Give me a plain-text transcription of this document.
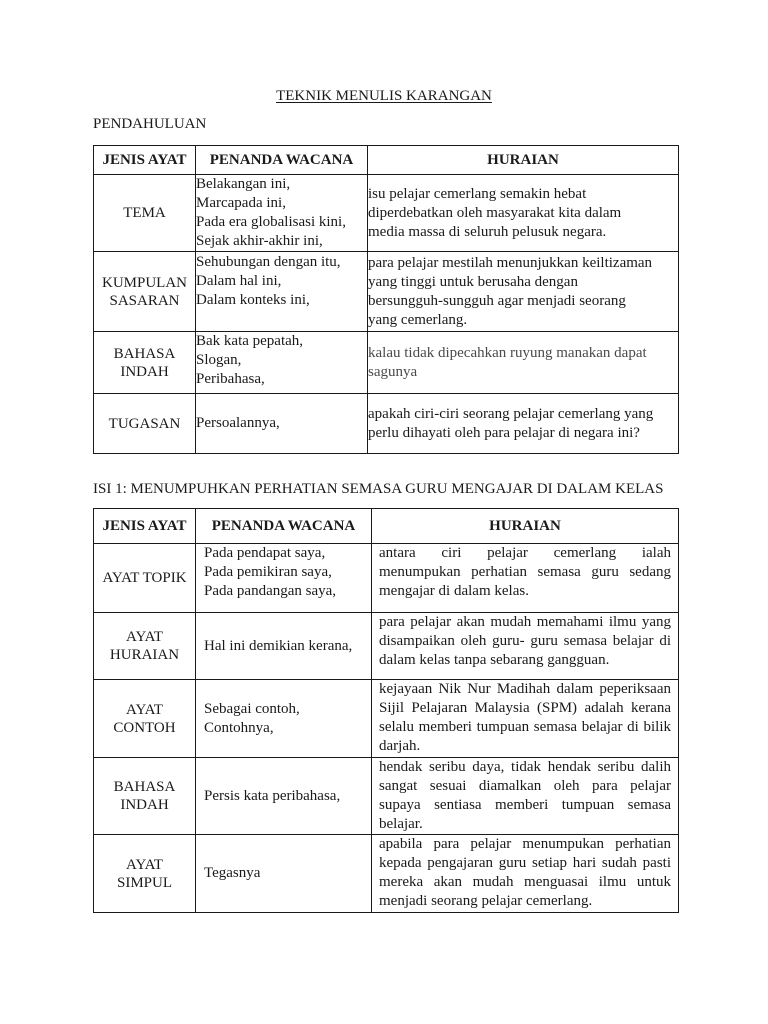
TEKNIK MENULIS KARANGAN
PENDAHULUAN
JENIS AYAT	PENANDA WACANA	HURAIAN

TEMA	Belakangan ini,
Marcapada ini,
Pada era globalisasi kini,
Sejak akhir-akhir ini,	isu pelajar cemerlang semakin hebat
diperdebatkan oleh masyarakat kita dalam
media massa di seluruh pelusuk negara.

KUMPULAN
SASARAN	Sehubungan dengan itu,
Dalam hal ini,
Dalam konteks ini,	para pelajar mestilah menunjukkan keiltizaman
yang tinggi untuk berusaha dengan
bersungguh-sungguh agar menjadi seorang
yang cemerlang.

BAHASA
INDAH	Bak kata pepatah,
Slogan,
Peribahasa,	kalau tidak dipecahkan ruyung manakan dapat
sagunya

TUGASAN	Persoalannya,	apakah ciri-ciri seorang pelajar cemerlang yang
perlu dihayati oleh para pelajar di negara ini?
ISI 1: MENUMPUHKAN PERHATIAN SEMASA GURU MENGAJAR DI DALAM KELAS
JENIS AYAT	PENANDA WACANA	HURAIAN

AYAT TOPIK	Pada pendapat saya,
Pada pemikiran saya,
Pada pandangan saya,	antara ciri pelajar cemerlang ialah
menumpukan perhatian semasa guru sedang
mengajar di dalam kelas.

AYAT
HURAIAN	Hal ini demikian kerana,	para pelajar akan mudah memahami ilmu yang
disampaikan oleh guru- guru semasa belajar di
dalam kelas tanpa sebarang gangguan.

AYAT
CONTOH	Sebagai contoh,
Contohnya,	kejayaan Nik Nur Madihah dalam peperiksaan
Sijil Pelajaran Malaysia (SPM) adalah kerana
selalu memberi tumpuan semasa belajar di bilik
darjah.

BAHASA
INDAH	Persis kata peribahasa,	hendak seribu daya, tidak hendak seribu dalih
sangat sesuai diamalkan oleh para pelajar
supaya sentiasa memberi tumpuan semasa
belajar.

AYAT
SIMPUL	Tegasnya	apabila para pelajar menumpukan perhatian
kepada pengajaran guru setiap hari sudah pasti
mereka akan mudah menguasai ilmu untuk
menjadi seorang pelajar cemerlang.
